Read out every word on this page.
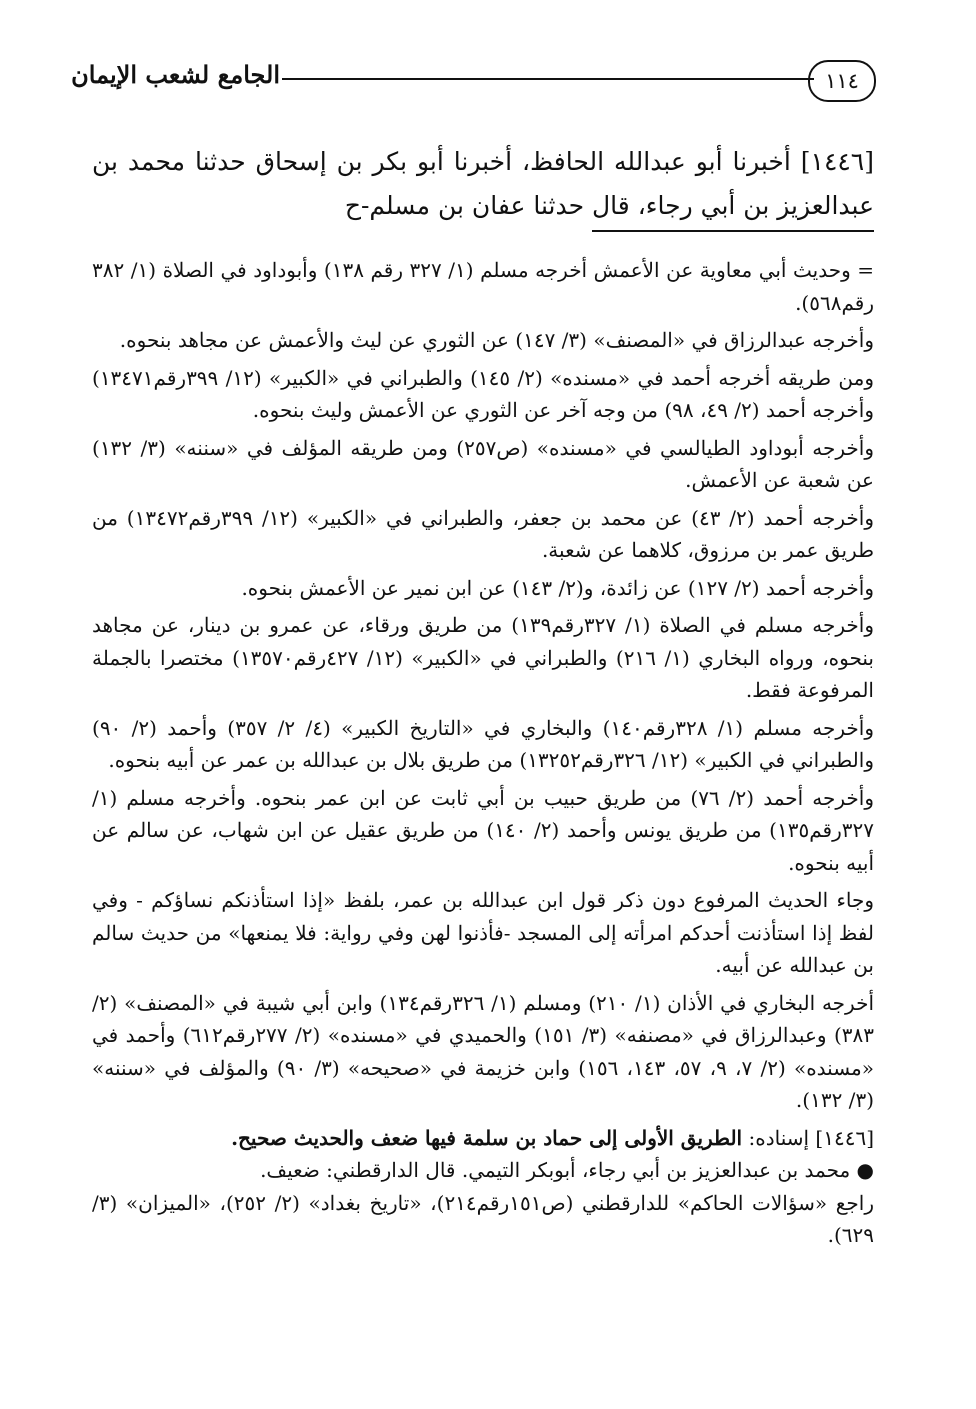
١١٤
الجامع لشعب الإيمان
[١٤٤٦] أخبرنا أبو عبدالله الحافظ، أخبرنا أبو بكر بن إسحاق حدثنا محمد بن عبدالعزيز بن أبي رجاء، قال حدثنا عفان بن مسلم-ح

= وحديث أبي معاوية عن الأعمش أخرجه مسلم (١/ ٣٢٧ رقم ١٣٨) وأبوداود في الصلاة (١/ ٣٨٢ رقم٥٦٨).

وأخرجه عبدالرزاق في «المصنف» (٣/ ١٤٧) عن الثوري عن ليث والأعمش عن مجاهد بنحوه.

ومن طريقه أخرجه أحمد في «مسنده» (٢/ ١٤٥) والطبراني في «الكبير» (١٢/ ٣٩٩رقم١٣٤٧١) وأخرجه أحمد (٢/ ٤٩، ٩٨) من وجه آخر عن الثوري عن الأعمش وليث بنحوه.

وأخرجه أبوداود الطيالسي في «مسنده» (ص٢٥٧) ومن طريقه المؤلف في «سننه» (٣/ ١٣٢) عن شعبة عن الأعمش.

وأخرجه أحمد (٢/ ٤٣) عن محمد بن جعفر، والطبراني في «الكبير» (١٢/ ٣٩٩رقم١٣٤٧٢) من طريق عمر بن مرزوق، كلاهما عن شعبة.

وأخرجه أحمد (٢/ ١٢٧) عن زائدة، و(٢/ ١٤٣) عن ابن نمير عن الأعمش بنحوه.

وأخرجه مسلم في الصلاة (١/ ٣٢٧رقم١٣٩) من طريق ورقاء، عن عمرو بن دينار، عن مجاهد بنحوه، ورواه البخاري (١/ ٢١٦) والطبراني في «الكبير» (١٢/ ٤٢٧رقم١٣٥٧٠) مختصرا بالجملة المرفوعة فقط.

وأخرجه مسلم (١/ ٣٢٨رقم١٤٠) والبخاري في «التاريخ الكبير» (٤/ ٢/ ٣٥٧) وأحمد (٢/ ٩٠) والطبراني في الكبير» (١٢/ ٣٢٦رقم١٣٢٥٢) من طريق بلال بن عبدالله بن عمر عن أبيه بنحوه.

وأخرجه أحمد (٢/ ٧٦) من طريق حبيب بن أبي ثابت عن ابن عمر بنحوه. وأخرجه مسلم (١/ ٣٢٧رقم١٣٥) من طريق يونس وأحمد (٢/ ١٤٠) من طريق عقيل عن ابن شهاب، عن سالم عن أبيه بنحوه.

وجاء الحديث المرفوع دون ذكر قول ابن عبدالله بن عمر، بلفظ «إذا استأذنكم نساؤكم - وفي لفظ إذا استأذنت أحدكم امرأته إلى المسجد -فأذنوا لهن وفي رواية: فلا يمنعها» من حديث سالم بن عبدالله عن أبيه.

أخرجه البخاري في الأذان (١/ ٢١٠) ومسلم (١/ ٣٢٦رقم١٣٤) وابن أبي شيبة في «المصنف» (٢/ ٣٨٣) وعبدالرزاق في «مصنفه» (٣/ ١٥١) والحميدي في «مسنده» (٢/ ٢٧٧رقم٦١٢) وأحمد في «مسنده» (٢/ ٧، ٩، ٥٧، ١٤٣، ١٥٦) وابن خزيمة في «صحيحه» (٣/ ٩٠) والمؤلف في «سننه» (٣/ ١٣٢).

[١٤٤٦] إسناده: الطريق الأولى إلى حماد بن سلمة فيها ضعف والحديث صحيح.

● محمد بن عبدالعزيز بن أبي رجاء، أبوبكر التيمي. قال الدارقطني: ضعيف.

راجع «سؤالات الحاكم» للدارقطني (ص١٥١رقم٢١٤)، «تاريخ بغداد» (٢/ ٢٥٢)، «الميزان» (٣/ ٦٢٩).
